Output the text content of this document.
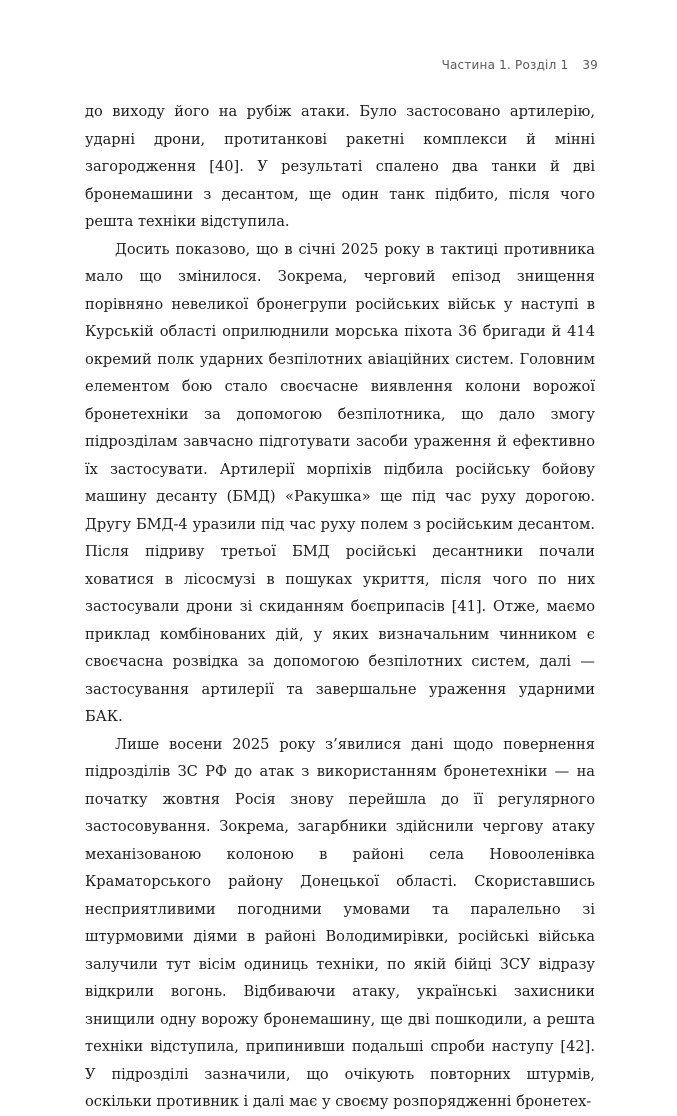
Частина 1. Розділ 1 39

до виходу його на рубіж атаки. Було застосовано артилерію, ударні дрони, протитанкові ракетні комплекси й мінні загородження [40]. У результаті спалено два танки й дві бронемашини з десантом, ще один танк підбито, після чого решта техніки відступила.

Досить показово, що в січні 2025 року в тактиці противника мало що змінилося. Зокрема, черговий епізод знищення порівняно невеликої бронегрупи російських військ у наступі в Курській області оприлюднили морська піхота 36 бригади й 414 окремий полк ударних безпілотних авіаційних систем. Головним елементом бою стало своєчасне виявлення колони ворожої бронетехніки за допомогою безпілотника, що дало змогу підрозділам завчасно підготувати засоби ураження й ефективно їх застосувати. Артилерії морпіхів підбила російську бойову машину десанту (БМД) «Ракушка» ще під час руху дорогою. Другу БМД-4 уразили під час руху полем з російським десантом. Після підриву третьої БМД російські десантники почали ховатися в лісосмузі в пошуках укриття, після чого по них застосували дрони зі скиданням боєприпасів [41]. Отже, маємо приклад комбінованих дій, у яких визначальним чинником є своєчасна розвідка за допомогою безпілотних систем, далі — застосування артилерії та завершальне ураження ударними БАК.

Лише восени 2025 року з’явилися дані щодо повернення підрозділів ЗС РФ до атак з використанням бронетехніки — на початку жовтня Росія знову перейшла до її регулярного застосовування. Зокрема, загарбники здійснили чергову атаку механізованою колоною в районі села Новооленівка Краматорського району Донецької області. Скориставшись несприятливими погодними умовами та паралельно зі штурмовими діями в районі Володимирівки, російські війська залучили тут вісім одиниць техніки, по якій бійці ЗСУ відразу відкрили вогонь. Відбиваючи атаку, українські захисники знищили одну ворожу бронемашину, ще дві пошкодили, а решта техніки відступила, припинивши подальші спроби наступу [42]. У підрозділі зазначили, що очікують повторних штурмів, оскільки противник і далі має у своєму розпорядженні бронетех-
